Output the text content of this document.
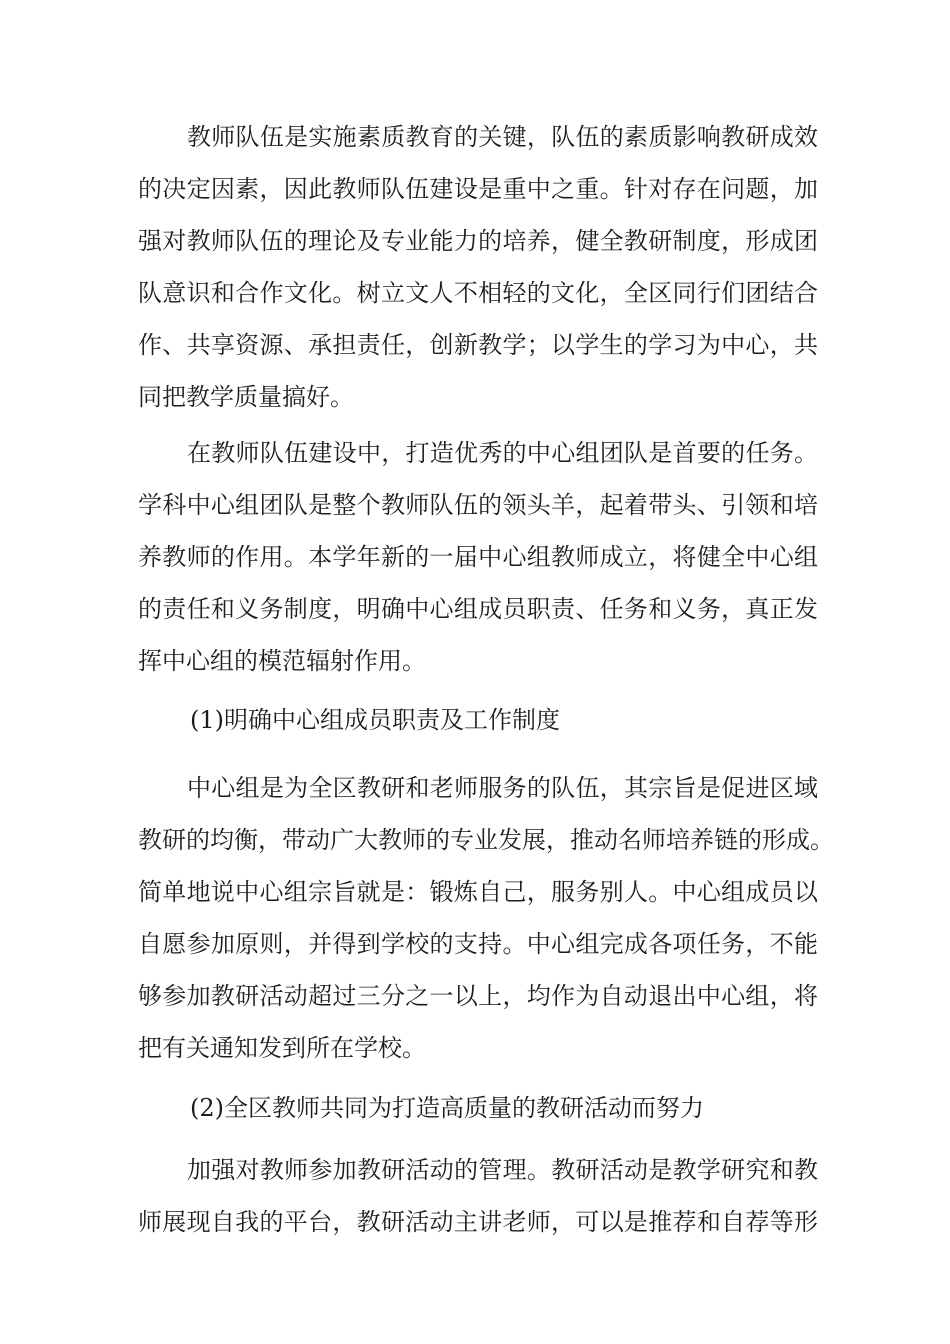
教师队伍是实施素质教育的关键，队伍的素质影响教研成效
的决定因素，因此教师队伍建设是重中之重。针对存在问题，加
强对教师队伍的理论及专业能力的培养，健全教研制度，形成团
队意识和合作文化。树立文人不相轻的文化，全区同行们团结合
作、共享资源、承担责任，创新教学；以学生的学习为中心，共
同把教学质量搞好。
在教师队伍建设中，打造优秀的中心组团队是首要的任务。
学科中心组团队是整个教师队伍的领头羊，起着带头、引领和培
养教师的作用。本学年新的一届中心组教师成立，将健全中心组
的责任和义务制度，明确中心组成员职责、任务和义务，真正发
挥中心组的模范辐射作用。
(1)明确中心组成员职责及工作制度
中心组是为全区教研和老师服务的队伍，其宗旨是促进区域
教研的均衡，带动广大教师的专业发展，推动名师培养链的形成。
简单地说中心组宗旨就是：锻炼自己，服务别人。中心组成员以
自愿参加原则，并得到学校的支持。中心组完成各项任务，不能
够参加教研活动超过三分之一以上，均作为自动退出中心组，将
把有关通知发到所在学校。
(2)全区教师共同为打造高质量的教研活动而努力
加强对教师参加教研活动的管理。教研活动是教学研究和教
师展现自我的平台，教研活动主讲老师，可以是推荐和自荐等形
